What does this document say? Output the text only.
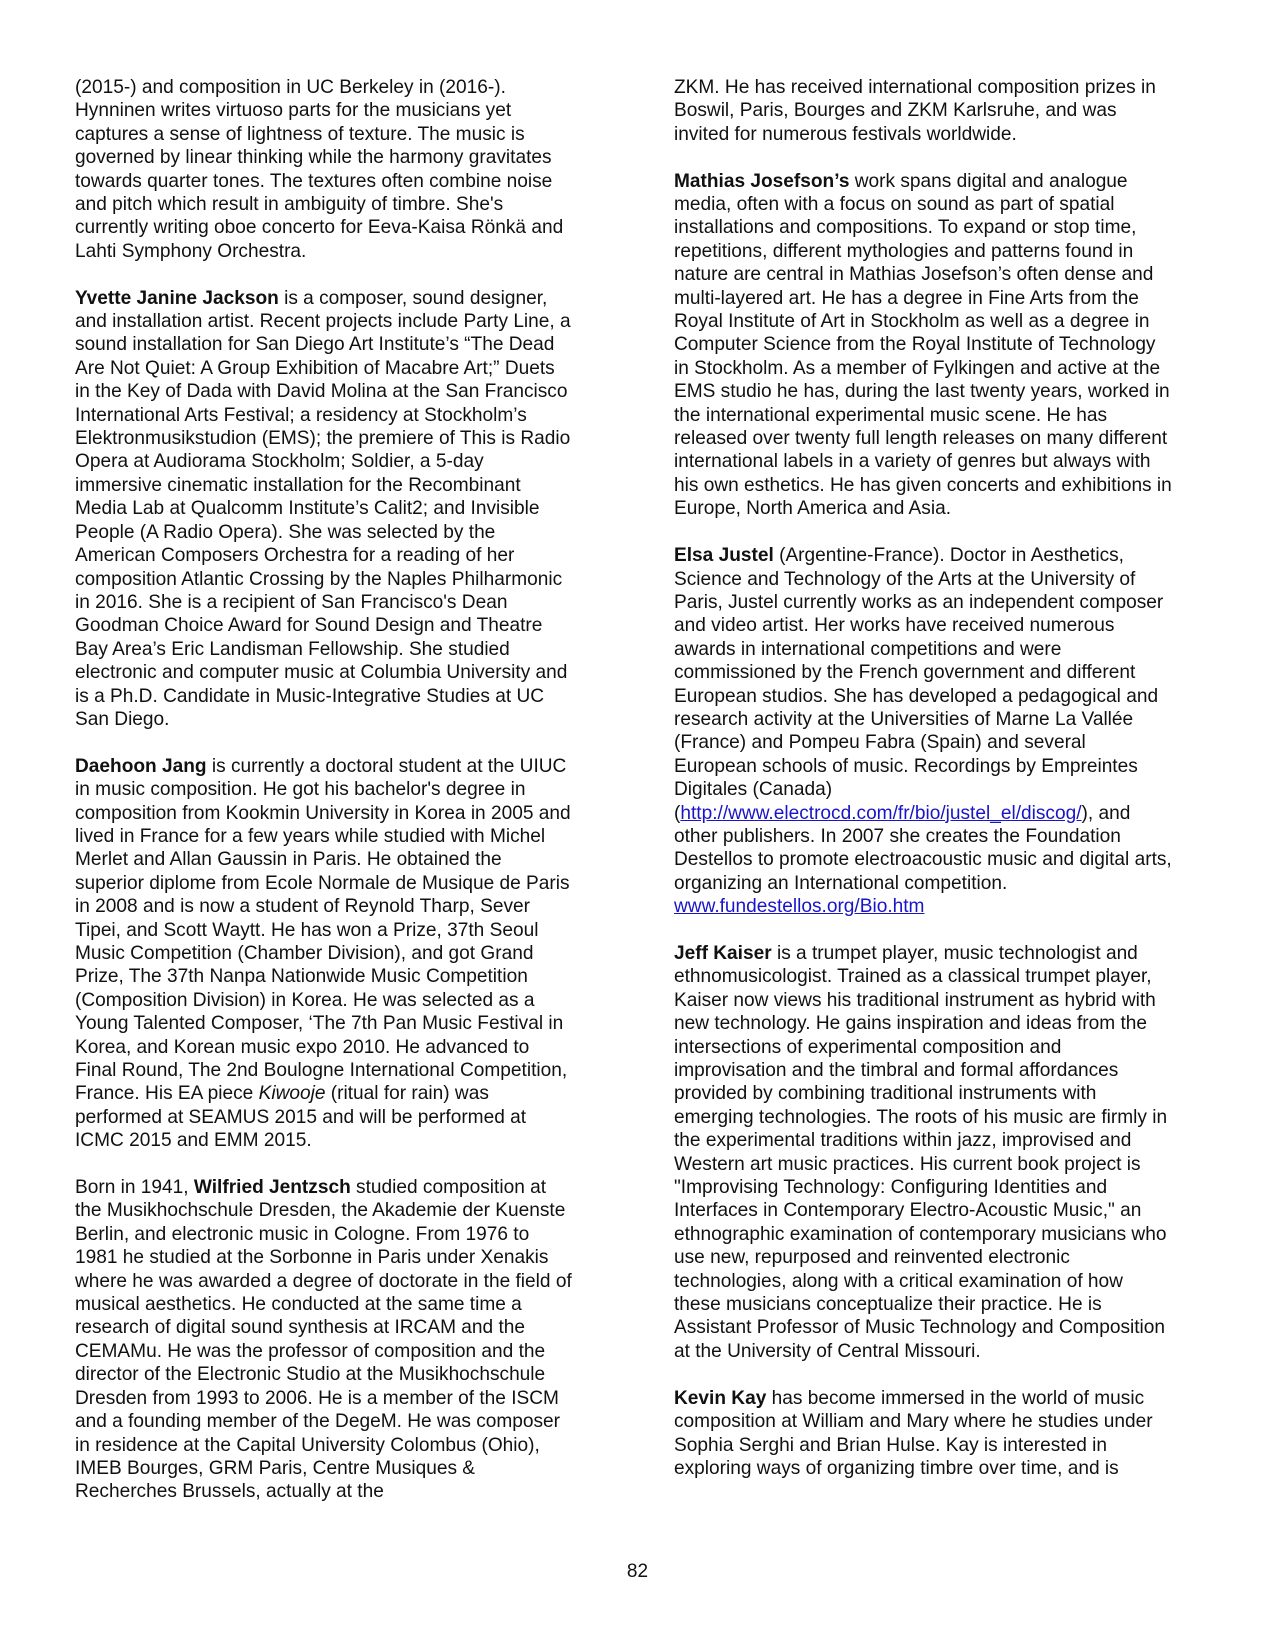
(2015-) and composition in UC Berkeley in (2016-). Hynninen writes virtuoso parts for the musicians yet captures a sense of lightness of texture. The music is governed by linear thinking while the harmony gravitates towards quarter tones. The textures often combine noise and pitch which result in ambiguity of timbre. She's currently writing oboe concerto for Eeva-Kaisa Rönkä and Lahti Symphony Orchestra.

Yvette Janine Jackson is a composer, sound designer, and installation artist. Recent projects include Party Line, a sound installation for San Diego Art Institute’s “The Dead Are Not Quiet: A Group Exhibition of Macabre Art;” Duets in the Key of Dada with David Molina at the San Francisco International Arts Festival; a residency at Stockholm’s Elektronmusikstudion (EMS); the premiere of This is Radio Opera at Audiorama Stockholm; Soldier, a 5-day immersive cinematic installation for the Recombinant Media Lab at Qualcomm Institute’s Calit2; and Invisible People (A Radio Opera). She was selected by the American Composers Orchestra for a reading of her composition Atlantic Crossing by the Naples Philharmonic in 2016. She is a recipient of San Francisco's Dean Goodman Choice Award for Sound Design and Theatre Bay Area’s Eric Landisman Fellowship. She studied electronic and computer music at Columbia University and is a Ph.D. Candidate in Music-Integrative Studies at UC San Diego.

Daehoon Jang is currently a doctoral student at the UIUC in music composition. He got his bachelor's degree in composition from Kookmin University in Korea in 2005 and lived in France for a few years while studied with Michel Merlet and Allan Gaussin in Paris. He obtained the superior diplome from Ecole Normale de Musique de Paris in 2008 and is now a student of Reynold Tharp, Sever Tipei, and Scott Waytt. He has won a Prize, 37th Seoul Music Competition (Chamber Division), and got Grand Prize, The 37th Nanpa Nationwide Music Competition (Composition Division) in Korea. He was selected as a Young Talented Composer, ‘The 7th Pan Music Festival in Korea, and Korean music expo 2010. He advanced to Final Round, The 2nd Boulogne International Competition, France. His EA piece Kiwooje (ritual for rain) was performed at SEAMUS 2015 and will be performed at ICMC 2015 and EMM 2015.

Born in 1941, Wilfried Jentzsch studied composition at the Musikhochschule Dresden, the Akademie der Kuenste Berlin, and electronic music in Cologne. From 1976 to 1981 he studied at the Sorbonne in Paris under Xenakis where he was awarded a degree of doctorate in the field of musical aesthetics. He conducted at the same time a research of digital sound synthesis at IRCAM and the CEMAMu. He was the professor of composition and the director of the Electronic Studio at the Musikhochschule Dresden from 1993 to 2006. He is a member of the ISCM and a founding member of the DegeM. He was composer in residence at the Capital University Colombus (Ohio), IMEB Bourges, GRM Paris, Centre Musiques & Recherches Brussels, actually at the

ZKM. He has received international composition prizes in Boswil, Paris, Bourges and ZKM Karlsruhe, and was invited for numerous festivals worldwide.

Mathias Josefson’s work spans digital and analogue media, often with a focus on sound as part of spatial installations and compositions. To expand or stop time, repetitions, different mythologies and patterns found in nature are central in Mathias Josefson’s often dense and multi-layered art. He has a degree in Fine Arts from the Royal Institute of Art in Stockholm as well as a degree in Computer Science from the Royal Institute of Technology in Stockholm. As a member of Fylkingen and active at the EMS studio he has, during the last twenty years, worked in the international experimental music scene. He has released over twenty full length releases on many different international labels in a variety of genres but always with his own esthetics. He has given concerts and exhibitions in Europe, North America and Asia.

Elsa Justel (Argentine-France). Doctor in Aesthetics, Science and Technology of the Arts at the University of Paris, Justel currently works as an independent composer and video artist. Her works have received numerous awards in international competitions and were commissioned by the French government and different European studios. She has developed a pedagogical and research activity at the Universities of Marne La Vallée (France) and Pompeu Fabra (Spain) and several European schools of music. Recordings by Empreintes Digitales (Canada) (http://www.electrocd.com/fr/bio/justel_el/discog/), and other publishers. In 2007 she creates the Foundation Destellos to promote electroacoustic music and digital arts, organizing an International competition.
www.fundestellos.org/Bio.htm

Jeff Kaiser is a trumpet player, music technologist and ethnomusicologist. Trained as a classical trumpet player, Kaiser now views his traditional instrument as hybrid with new technology. He gains inspiration and ideas from the intersections of experimental composition and improvisation and the timbral and formal affordances provided by combining traditional instruments with emerging technologies. The roots of his music are firmly in the experimental traditions within jazz, improvised and Western art music practices. His current book project is "Improvising Technology: Configuring Identities and Interfaces in Contemporary Electro-Acoustic Music," an ethnographic examination of contemporary musicians who use new, repurposed and reinvented electronic technologies, along with a critical examination of how these musicians conceptualize their practice. He is Assistant Professor of Music Technology and Composition at the University of Central Missouri.

Kevin Kay has become immersed in the world of music composition at William and Mary where he studies under Sophia Serghi and Brian Hulse. Kay is interested in exploring ways of organizing timbre over time, and is

82
